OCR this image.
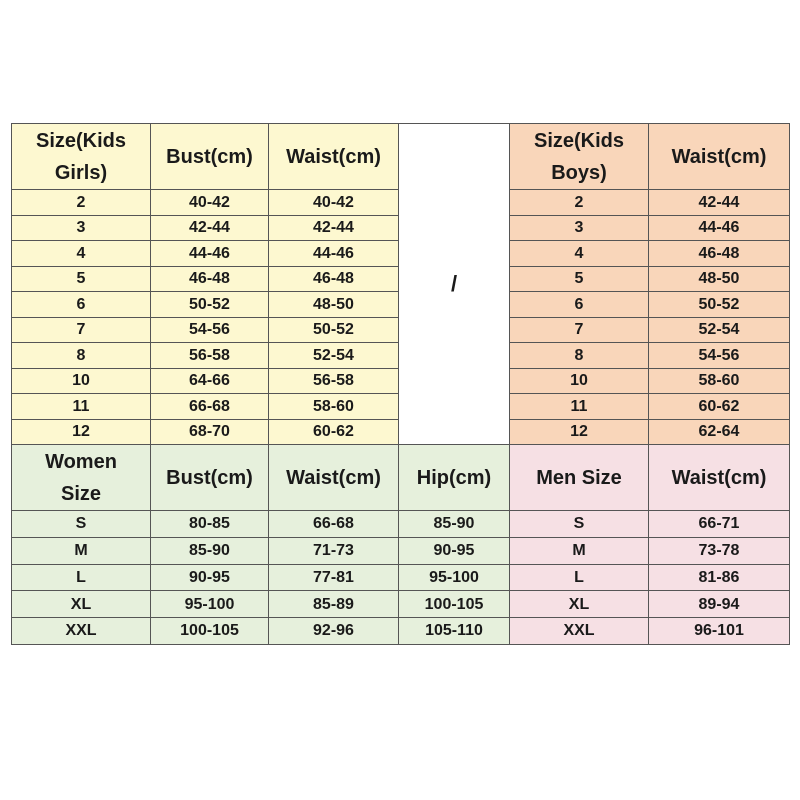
Size(Kids Girls)	Bust(cm)	Waist(cm)	/	Size(Kids Boys)	Waist(cm)
2	40-42	40-42		2	42-44
3	42-44	42-44		3	44-46
4	44-46	44-46		4	46-48
5	46-48	46-48		5	48-50
6	50-52	48-50		6	50-52
7	54-56	50-52		7	52-54
8	56-58	52-54		8	54-56
10	64-66	56-58		10	58-60
11	66-68	58-60		11	60-62
12	68-70	60-62		12	62-64
Women Size	Bust(cm)	Waist(cm)	Hip(cm)	Men Size	Waist(cm)
S	80-85	66-68	85-90	S	66-71
M	85-90	71-73	90-95	M	73-78
L	90-95	77-81	95-100	L	81-86
XL	95-100	85-89	100-105	XL	89-94
XXL	100-105	92-96	105-110	XXL	96-101
